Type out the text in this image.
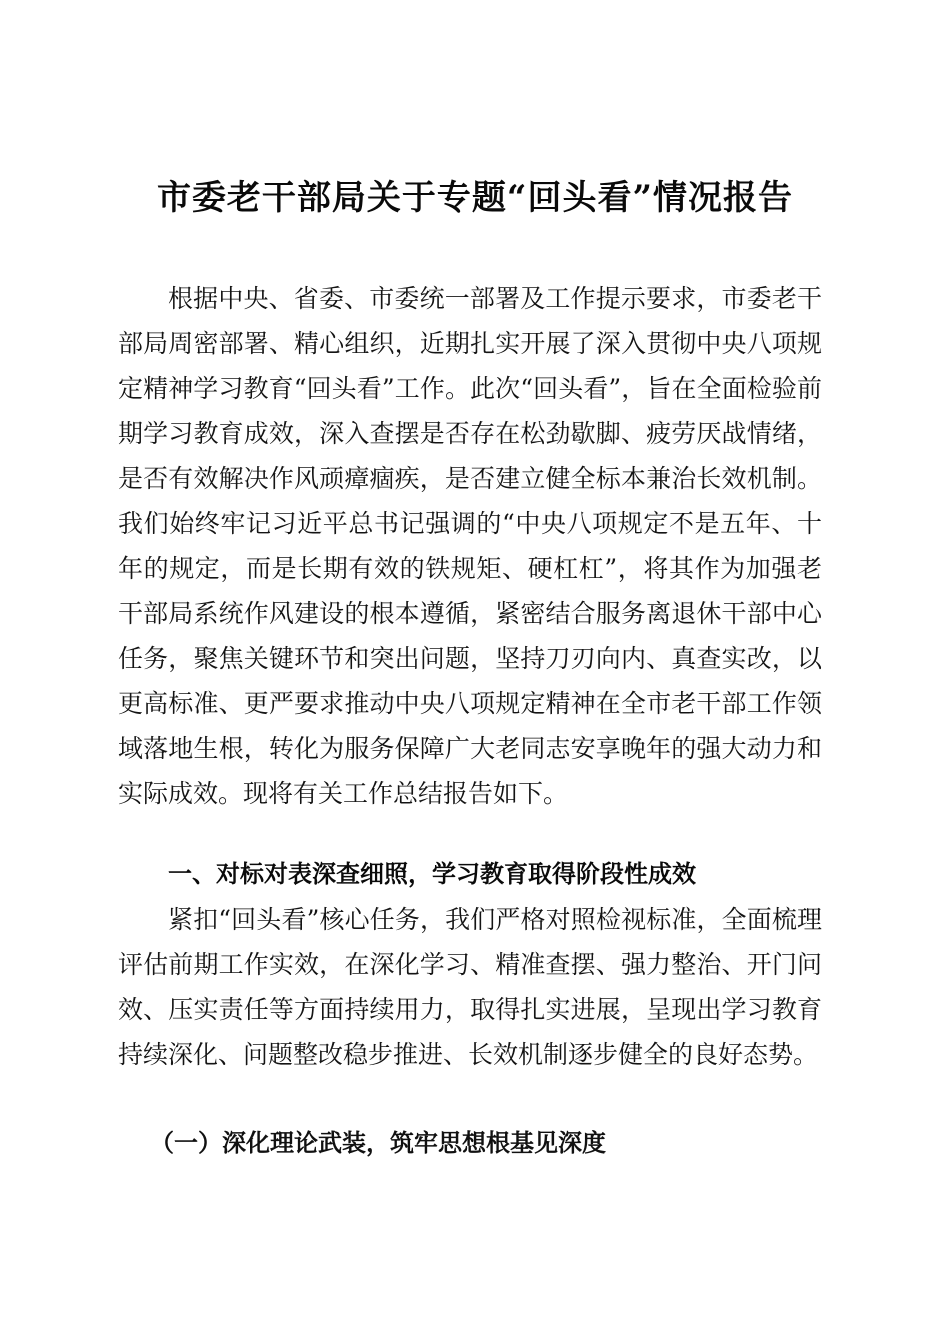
市委老干部局关于专题“回头看”情况报告

根据中央、省委、市委统一部署及工作提示要求，市委老干部局周密部署、精心组织，近期扎实开展了深入贯彻中央八项规定精神学习教育“回头看”工作。此次“回头看”，旨在全面检验前期学习教育成效，深入查摆是否存在松劲歇脚、疲劳厌战情绪，是否有效解决作风顽瘴痼疾，是否建立健全标本兼治长效机制。我们始终牢记习近平总书记强调的“中央八项规定不是五年、十年的规定，而是长期有效的铁规矩、硬杠杠”，将其作为加强老干部局系统作风建设的根本遵循，紧密结合服务离退休干部中心任务，聚焦关键环节和突出问题，坚持刀刃向内、真查实改，以更高标准、更严要求推动中央八项规定精神在全市老干部工作领域落地生根，转化为服务保障广大老同志安享晚年的强大动力和实际成效。现将有关工作总结报告如下。

一、对标对表深查细照，学习教育取得阶段性成效

紧扣“回头看”核心任务，我们严格对照检视标准，全面梳理评估前期工作实效，在深化学习、精准查摆、强力整治、开门问效、压实责任等方面持续用力，取得扎实进展，呈现出学习教育持续深化、问题整改稳步推进、长效机制逐步健全的良好态势。

（一）深化理论武装，筑牢思想根基见深度
